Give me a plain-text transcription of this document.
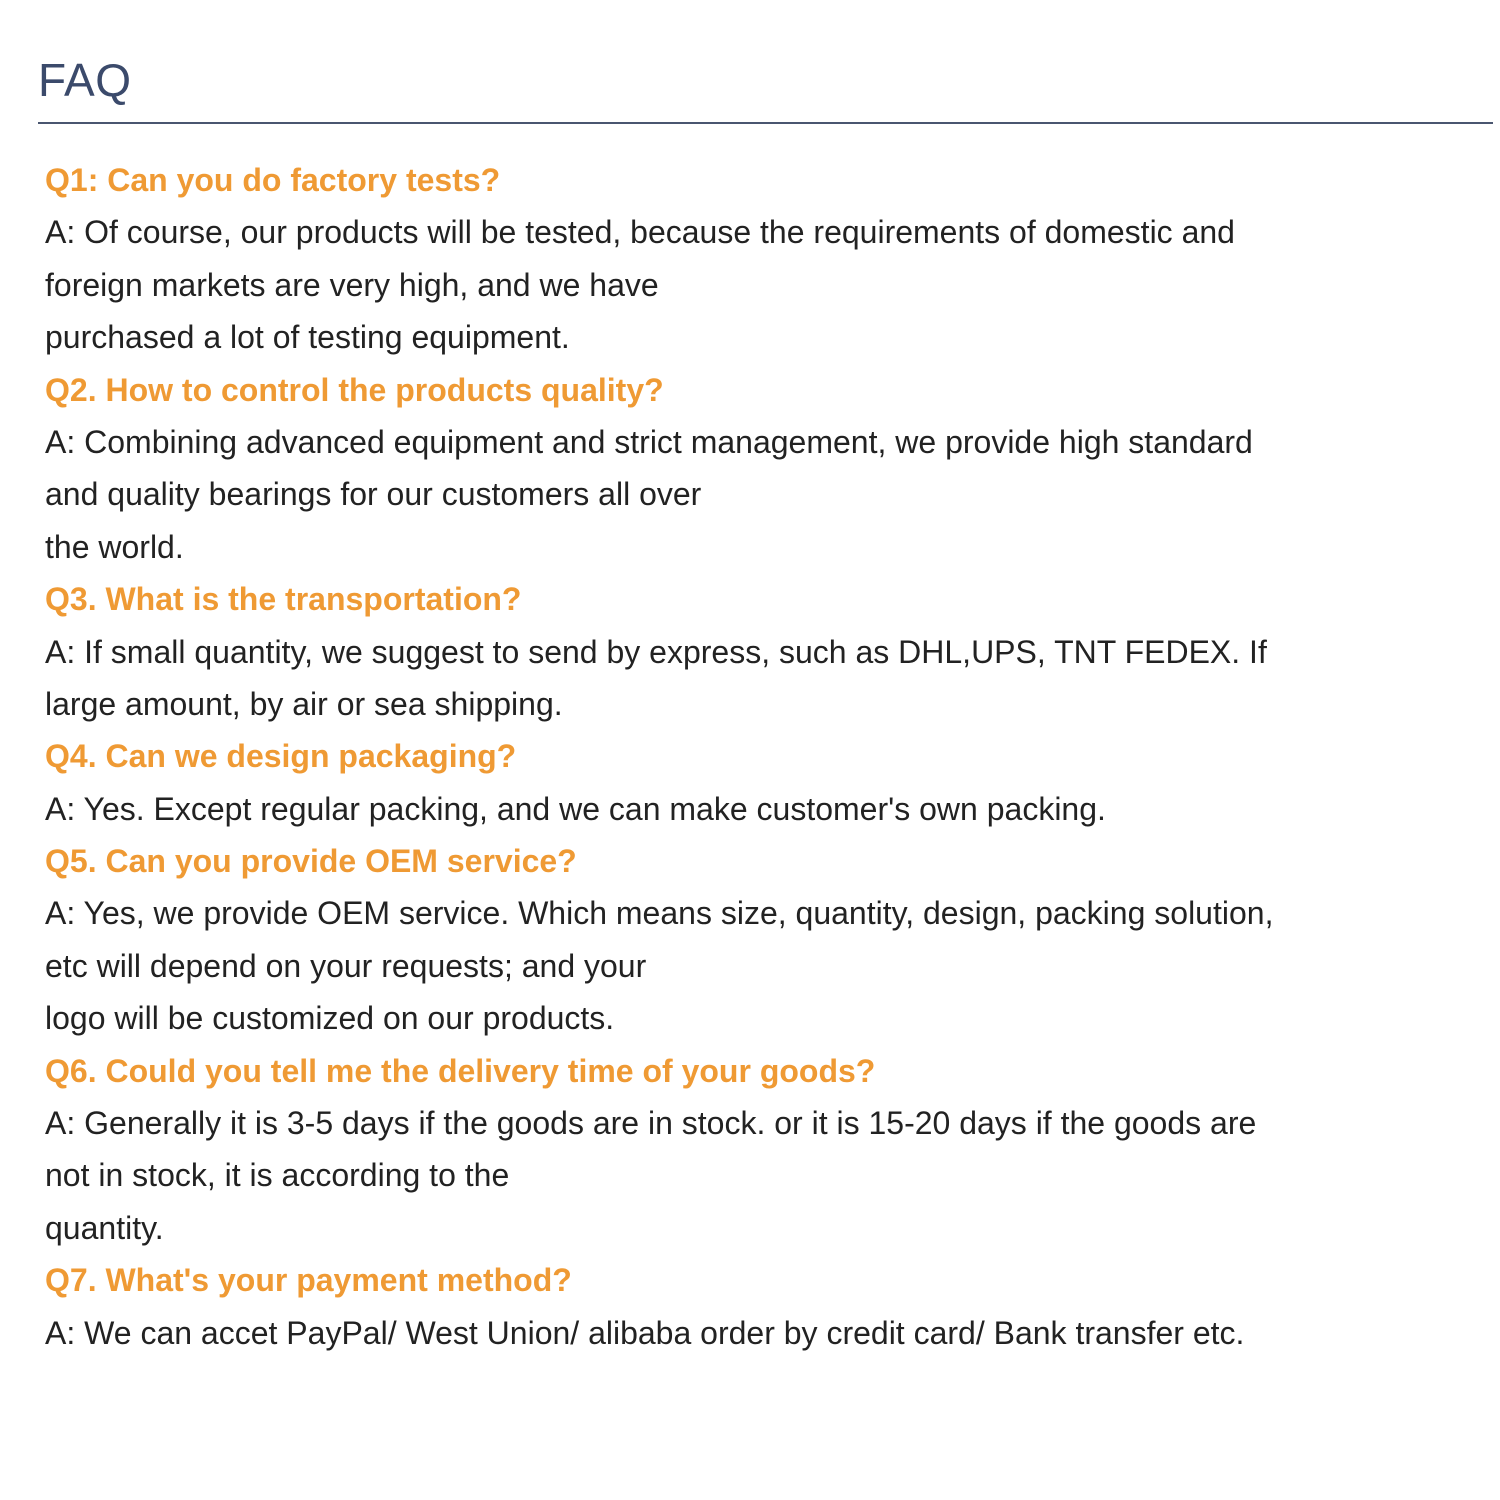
FAQ
Q1: Can you do factory tests?
A: Of course, our products will be tested, because the requirements of domestic and
foreign markets are very high, and we have
purchased a lot of testing equipment.
Q2. How to control the products quality?
A: Combining advanced equipment and strict management, we provide high standard
and quality bearings for our customers all over
the world.
Q3. What is the transportation?
A: If small quantity, we suggest to send by express, such as DHL,UPS, TNT FEDEX. If
large amount, by air or sea shipping.
Q4. Can we design packaging?
A: Yes. Except regular packing, and we can make customer's own packing.
Q5. Can you provide OEM service?
A: Yes, we provide OEM service. Which means size, quantity, design, packing solution,
etc will depend on your requests; and your
logo will be customized on our products.
Q6. Could you tell me the delivery time of your goods?
A: Generally it is 3-5 days if the goods are in stock. or it is 15-20 days if the goods are
not in stock, it is according to the
quantity.
Q7. What's your payment method?
A: We can accet PayPal/ West Union/ alibaba order by credit card/ Bank transfer etc.
